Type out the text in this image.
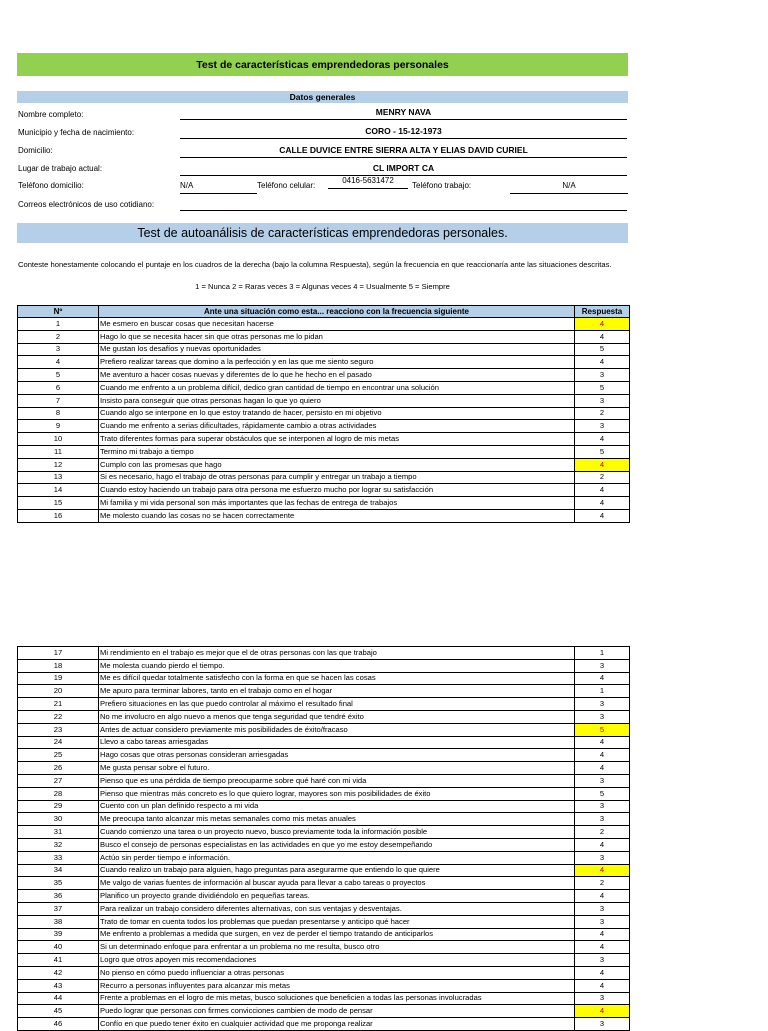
Test de características emprendedoras personales
Datos generales
Nombre completo:	MENRY NAVA
Municipio y fecha de nacimiento:	CORO - 15-12-1973
Domicilio:	CALLE DUVICE ENTRE SIERRA ALTA Y ELIAS DAVID CURIEL
Lugar de trabajo actual:	CL IMPORT CA
Teléfono domicilio:	N/A	Teléfono celular:
0416-5631472
Teléfono trabajo:	N/A
Correos electrónicos de uso cotidiano:
Test de autoanálisis de características emprendedoras personales.
Conteste honestamente colocando el puntaje en los cuadros de la derecha (bajo la columna Respuesta), según la frecuencia en que reaccionaría ante las situaciones descritas.
1 = Nunca 2 = Raras veces 3 = Algunas veces 4 = Usualmente 5 = Siempre
Nº	Ante una situación como esta... reacciono con la frecuencia siguiente	Respuesta
1	Me esmero en buscar cosas que necesitan hacerse	4
2	Hago lo que se necesita hacer sin que otras personas me lo pidan	4
3	Me gustan los desafíos y nuevas oportunidades	5
4	Prefiero realizar tareas que domino a la perfección y en las que me siento seguro	4
5	Me aventuro a hacer cosas nuevas y diferentes de lo que he hecho en el pasado	3
6	Cuando me enfrento a un problema difícil, dedico gran cantidad de tiempo en encontrar una solución	5
7	Insisto para conseguir que otras personas hagan lo que yo quiero	3
8	Cuando algo se interpone en lo que estoy tratando de hacer, persisto en mi objetivo	2
9	Cuando me enfrento a serias dificultades, rápidamente cambio a otras actividades	3
10	Trato diferentes formas para superar obstáculos que se interponen al logro de mis metas	4
11	Termino mi trabajo a tiempo	5
12	Cumplo con las promesas que hago	4
13	Si es necesario, hago el trabajo de otras personas para cumplir y entregar un trabajo a tiempo	2
14	Cuando estoy haciendo un trabajo para otra persona me esfuerzo mucho por lograr su satisfacción	4
15	Mi familia y mi vida personal son más importantes que las fechas de entrega de trabajos	4
16	Me molesto cuando las cosas no se hacen correctamente	4
17	Mi rendimiento en el trabajo es mejor que el de otras personas con las que trabajo	1
18	Me molesta cuando pierdo el tiempo.	3
19	Me es difícil quedar totalmente satisfecho con la forma en que se hacen las cosas	4
20	Me apuro para terminar labores, tanto en el trabajo como en el hogar	1
21	Prefiero situaciones en las que puedo controlar al máximo el resultado final	3
22	No me involucro en algo nuevo a menos que tenga seguridad que tendré éxito	3
23	Antes de actuar considero previamente mis posibilidades de éxito/fracaso	5
24	Llevo a cabo tareas arriesgadas	4
25	Hago cosas que otras personas consideran arriesgadas	4
26	Me gusta pensar sobre el futuro.	4
27	Pienso que es una pérdida de tiempo preocuparme sobre qué haré con mi vida	3
28	Pienso que mientras más concreto es lo que quiero lograr, mayores son mis posibilidades de éxito	5
29	Cuento con un plan definido respecto a mi vida	3
30	Me preocupa tanto alcanzar mis metas semanales como mis metas anuales	3
31	Cuando comienzo una tarea o un proyecto nuevo, busco previamente toda la información posible	2
32	Busco el consejo de personas especialistas en las actividades en que yo me estoy desempeñando	4
33	Actúo sin perder tiempo e información.	3
34	Cuando realizo un trabajo para alguien, hago preguntas para asegurarme que entiendo lo que quiere	4
35	Me valgo de varias fuentes de información al buscar ayuda para llevar a cabo tareas o proyectos	2
36	Planifico un proyecto grande dividiéndolo en pequeñas tareas.	4
37	Para realizar un trabajo considero diferentes alternativas, con sus ventajas y desventajas.	3
38	Trato de tomar en cuenta todos los problemas que puedan presentarse y anticipo qué hacer	3
39	Me enfrento a problemas a medida que surgen, en vez de perder el tiempo tratando de anticiparlos	4
40	Si un determinado enfoque para enfrentar a un problema no me resulta, busco otro	4
41	Logro que otros apoyen mis recomendaciones	3
42	No pienso en cómo puedo influenciar a otras personas	4
43	Recurro a personas influyentes para alcanzar mis metas	4
44	Frente a problemas en el logro de mis metas, busco soluciones que beneficien a todas las personas involucradas	3
45	Puedo lograr que personas con firmes convicciones cambien de modo de pensar	4
46	Confío en que puedo tener éxito en cualquier actividad que me proponga realizar	3
